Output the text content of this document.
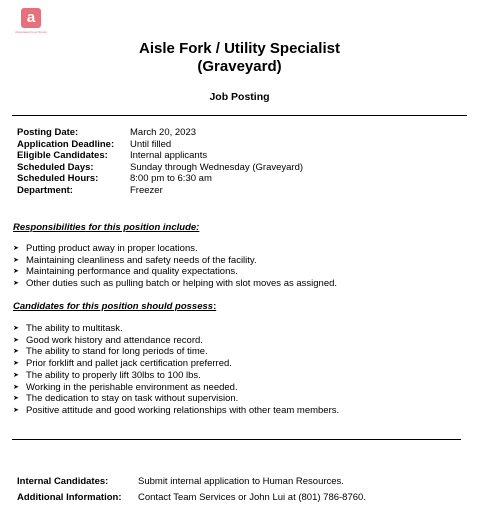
a
Associated Food Stores
Aisle Fork / Utility Specialist
(Graveyard)
Job Posting
Posting Date:	March 20, 2023
Application Deadline:	Until filled
Eligible Candidates:	Internal applicants
Scheduled Days:	Sunday through Wednesday (Graveyard)
Scheduled Hours:	8:00 pm to 6:30 am
Department:	Freezer
Responsibilities for this position include:
➤ Putting product away in proper locations.
➤ Maintaining cleanliness and safety needs of the facility.
➤ Maintaining performance and quality expectations.
➤ Other duties such as pulling batch or helping with slot moves as assigned.
Candidates for this position should possess:
➤ The ability to multitask.
➤ Good work history and attendance record.
➤ The ability to stand for long periods of time.
➤ Prior forklift and pallet jack certification preferred.
➤ The ability to properly lift 30lbs to 100 lbs.
➤ Working in the perishable environment as needed.
➤ The dedication to stay on task without supervision.
➤ Positive attitude and good working relationships with other team members.
Internal Candidates:	Submit internal application to Human Resources.
Additional Information:	Contact Team Services or John Lui at (801) 786-8760.
